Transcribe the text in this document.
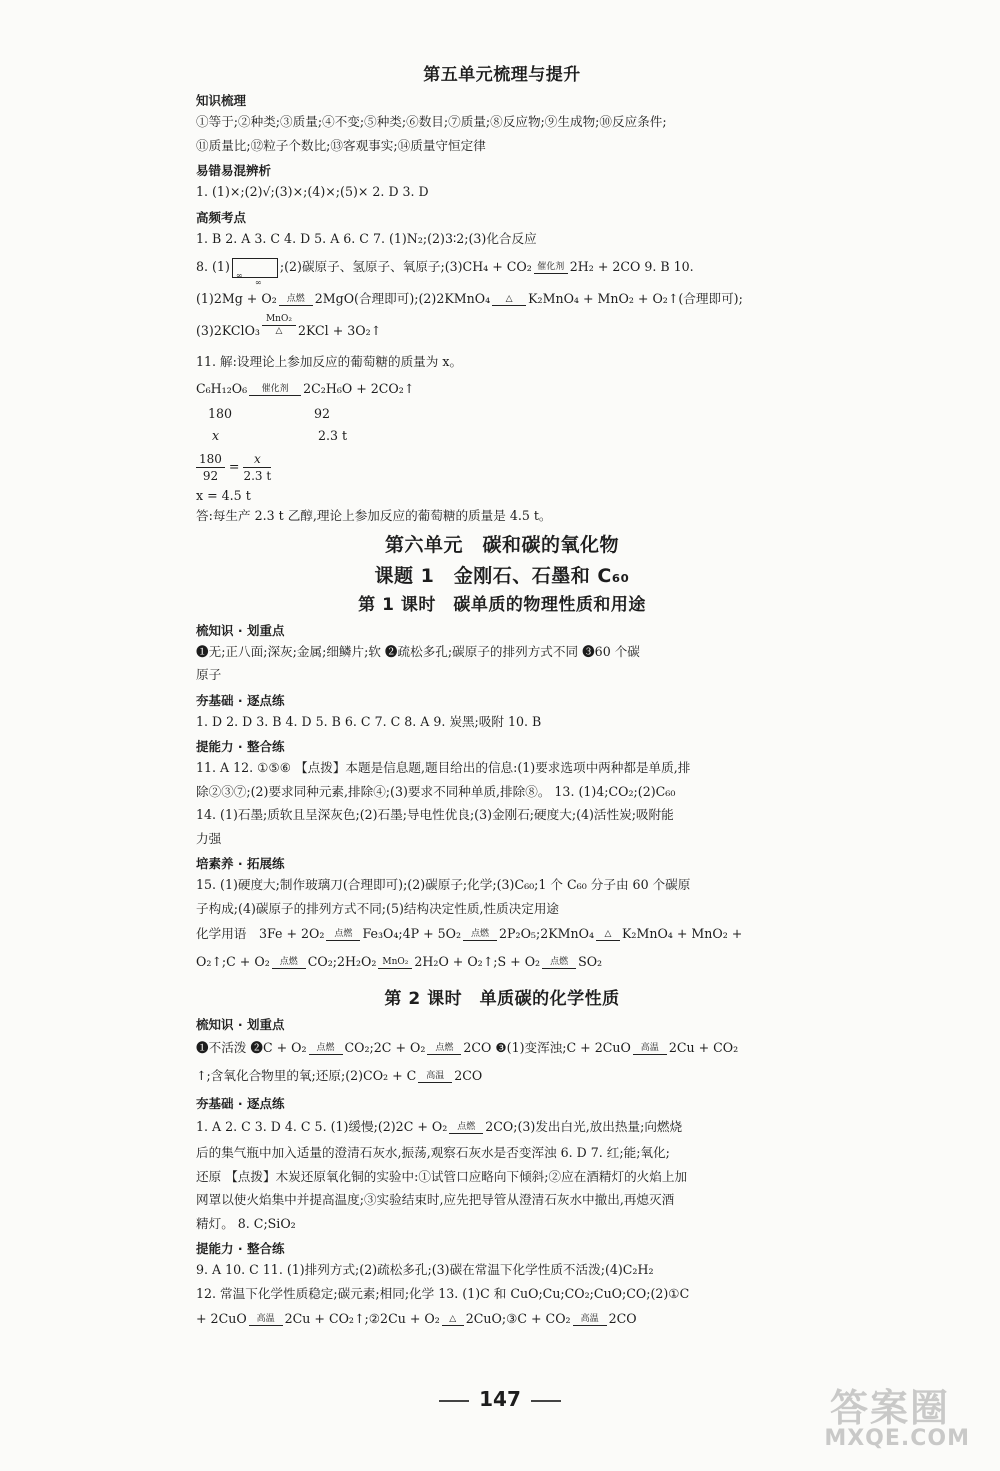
第五单元梳理与提升
知识梳理

①等于;②种类;③质量;④不变;⑤种类;⑥数目;⑦质量;⑧反应物;⑨生成物;⑩反应条件;

⑪质量比;⑫粒子个数比;⑬客观事实;⑭质量守恒定律

易错易混辨析

1. (1)×;(2)√;(3)×;(4)×;(5)× 2. D 3. D

高频考点

1. B 2. A 3. C 4. D 5. A 6. C 7. (1)N₂;(2)3∶2;(3)化合反应

8. (1)
∞
∞
;(2)碳原子、氢原子、氧原子;(3)CH₄ + CO₂ 催化剂 2H₂ + 2CO 9. B 10.

(1)2Mg + O₂ 点燃 2MgO(合理即可);(2)2KMnO₄ △ K₂MnO₄ + MnO₂ + O₂↑(合理即可);

(3)2KClO₃MnO₂
△	2KCl + 3O₂↑

11. 解:设理论上参加反应的葡萄糖的质量为 x。

C₆H₁₂O₆ 催化剂 2C₂H₆O + 2CO₂↑

180	92

x	2.3 t

$\frac{180}{92} = \frac{x}{2.3 t}$

x = 4.5 t

答:每生产 2.3 t 乙醇,理论上参加反应的葡萄糖的质量是 4.5 t。

第六单元　碳和碳的氧化物
课题 1　金刚石、石墨和 C₆₀
第 1 课时　碳单质的物理性质和用途
梳知识 · 划重点

❶无;正八面;深灰;金属;细鳞片;软 ❷疏松多孔;碳原子的排列方式不同 ❸60 个碳

原子

夯基础 · 逐点练

1. D 2. D 3. B 4. D 5. B 6. C 7. C 8. A 9. 炭黑;吸附 10. B

提能力 · 整合练

11. A 12. ①⑤⑥ 【点拨】本题是信息题,题目给出的信息:(1)要求选项中两种都是单质,排

除②③⑦;(2)要求同种元素,排除④;(3)要求不同种单质,排除⑧。 13. (1)4;CO₂;(2)C₆₀

14. (1)石墨;质软且呈深灰色;(2)石墨;导电性优良;(3)金刚石;硬度大;(4)活性炭;吸附能

力强

培素养 · 拓展练

15. (1)硬度大;制作玻璃刀(合理即可);(2)碳原子;化学;(3)C₆₀;1 个 C₆₀ 分子由 60 个碳原

子构成;(4)碳原子的排列方式不同;(5)结构决定性质,性质决定用途

化学用语　3Fe + 2O₂ 点燃 Fe₃O₄;4P + 5O₂ 点燃 2P₂O₅;2KMnO₄ △ K₂MnO₄ + MnO₂ +

O₂↑;C + O₂ 点燃 CO₂;2H₂O₂ MnO₂ 2H₂O + O₂↑;S + O₂ 点燃 SO₂

第 2 课时　单质碳的化学性质
梳知识 · 划重点

❶不活泼 ❷C + O₂ 点燃 CO₂;2C + O₂ 点燃 2CO ❸(1)变浑浊;C + 2CuO 高温 2Cu + CO₂

↑;含氧化合物里的氧;还原;(2)CO₂ + C 高温 2CO

夯基础 · 逐点练

1. A 2. C 3. D 4. C 5. (1)缓慢;(2)2C + O₂ 点燃 2CO;(3)发出白光,放出热量;向燃烧

后的集气瓶中加入适量的澄清石灰水,振荡,观察石灰水是否变浑浊 6. D 7. 红;能;氧化;

还原 【点拨】木炭还原氧化铜的实验中:①试管口应略向下倾斜;②应在酒精灯的火焰上加

网罩以使火焰集中并提高温度;③实验结束时,应先把导管从澄清石灰水中撤出,再熄灭酒

精灯。 8. C;SiO₂

提能力 · 整合练

9. A 10. C 11. (1)排列方式;(2)疏松多孔;(3)碳在常温下化学性质不活泼;(4)C₂H₂

12. 常温下化学性质稳定;碳元素;相同;化学 13. (1)C 和 CuO;Cu;CO₂;CuO;CO;(2)①C

+ 2CuO 高温 2Cu + CO₂↑;②2Cu + O₂ △ 2CuO;③C + CO₂ 高温 2CO

147	答案圈
MXQE.COM
